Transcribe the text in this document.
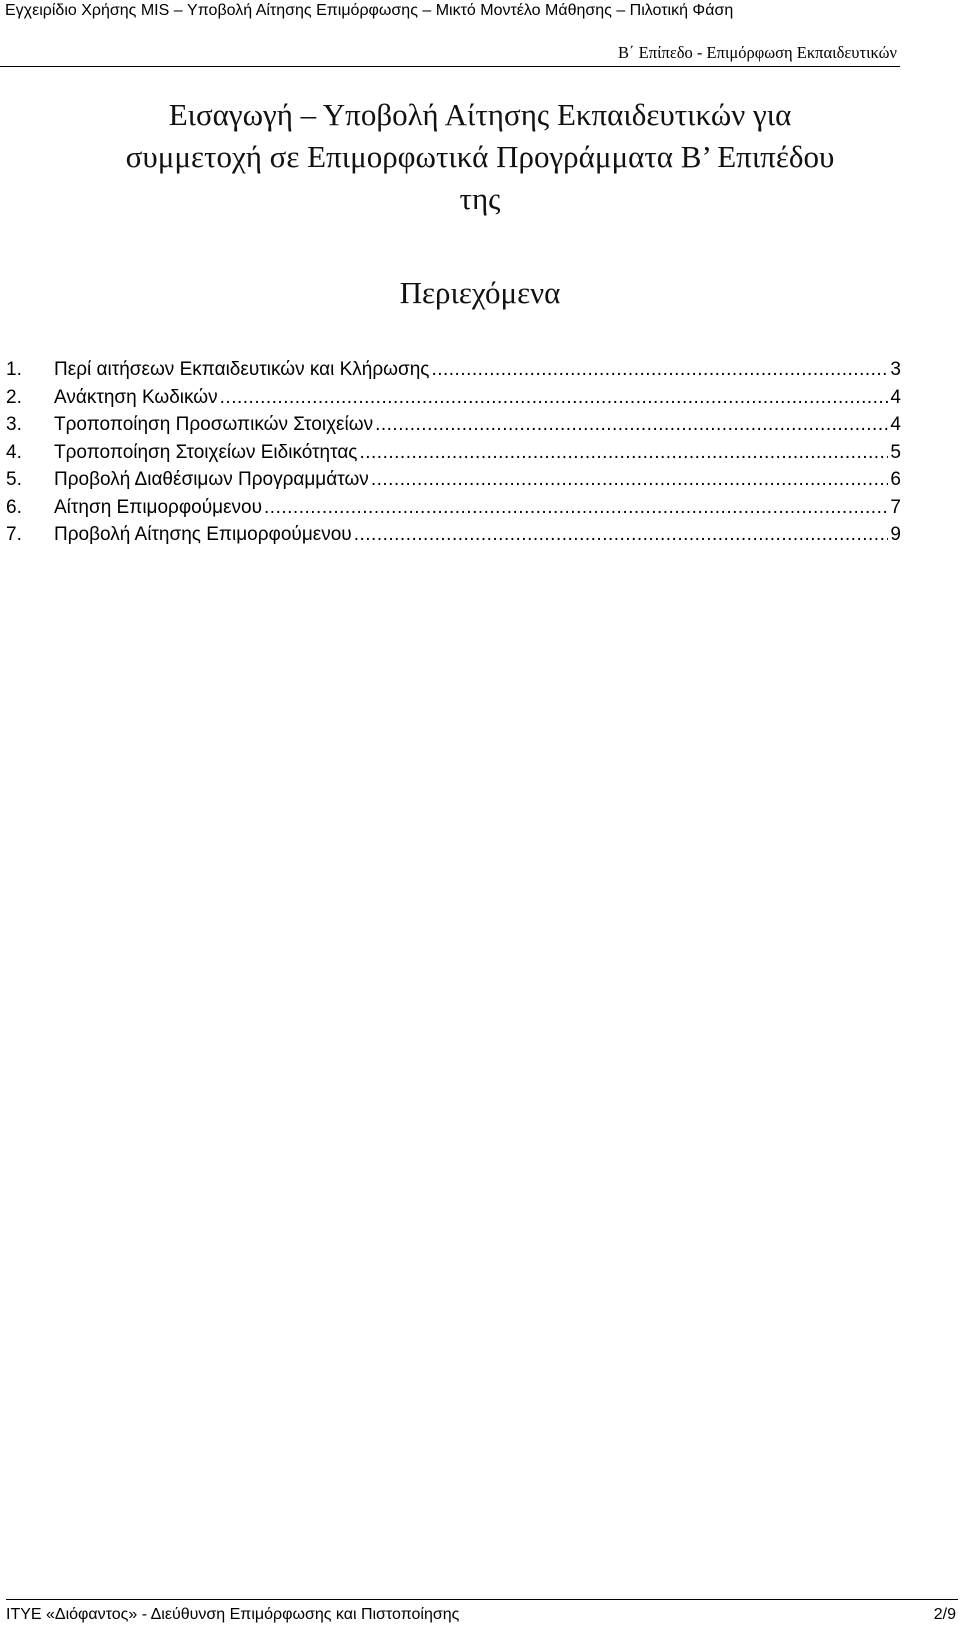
Εγχειρίδιο Χρήσης MIS – Υποβολή Αίτησης Επιμόρφωσης – Μικτό Μοντέλο Μάθησης – Πιλοτική Φάση
Β΄ Επίπεδο - Επιμόρφωση Εκπαιδευτικών
Εισαγωγή – Υποβολή Αίτησης Εκπαιδευτικών για
συμμετοχή σε Επιμορφωτικά Προγράμματα Β’ Επιπέδου
της
Περιεχόμενα
1.	Περί αιτήσεων Εκπαιδευτικών και Κλήρωσης .....	3
2.	Ανάκτηση Κωδικών .....	4
3.	Τροποποίηση Προσωπικών Στοιχείων .....	4
4.	Τροποποίηση Στοιχείων Ειδικότητας .....	5
5.	Προβολή Διαθέσιμων Προγραμμάτων .....	6
6.	Αίτηση Επιμορφούμενου .....	7
7.	Προβολή Αίτησης Επιμορφούμενου .....	9
ΙΤΥΕ «Διόφαντος» - Διεύθυνση Επιμόρφωσης και Πιστοποίησης	2/9
